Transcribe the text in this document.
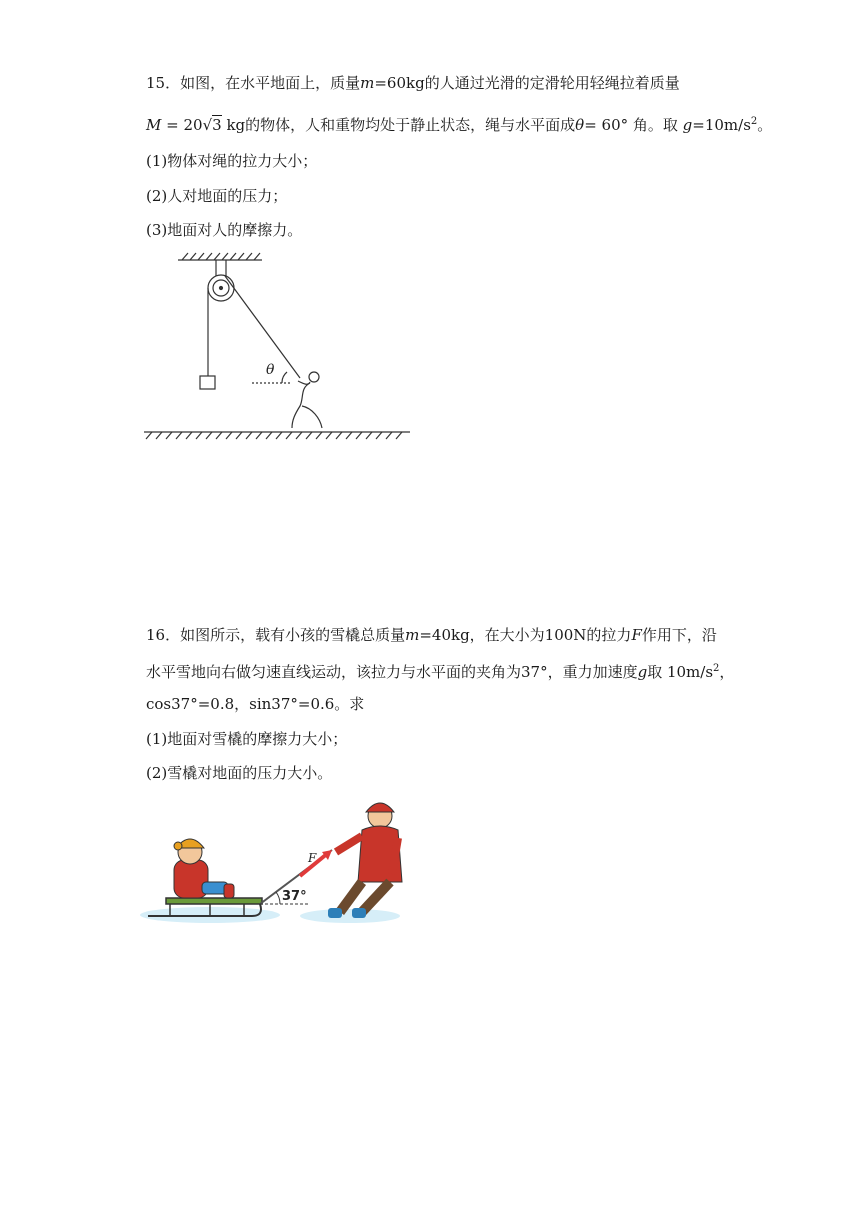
15．如图，在水平地面上，质量m=60kg的人通过光滑的定滑轮用轻绳拉着质量
M = 20√3 kg的物体，人和重物均处于静止状态，绳与水平面成θ= 60° 角。取 $g=10m/s^2$。
(1)物体对绳的拉力大小；
(2)人对地面的压力；
(3)地面对人的摩擦力。
θ
16．如图所示，载有小孩的雪橇总质量m=40kg，在大小为100N的拉力F作用下，沿
水平雪地向右做匀速直线运动，该拉力与水平面的夹角为37°，重力加速度g取 $10m/s^2$，
cos37°=0.8，sin37°=0.6。求
(1)地面对雪橇的摩擦力大小；
(2)雪橇对地面的压力大小。
F
37°
